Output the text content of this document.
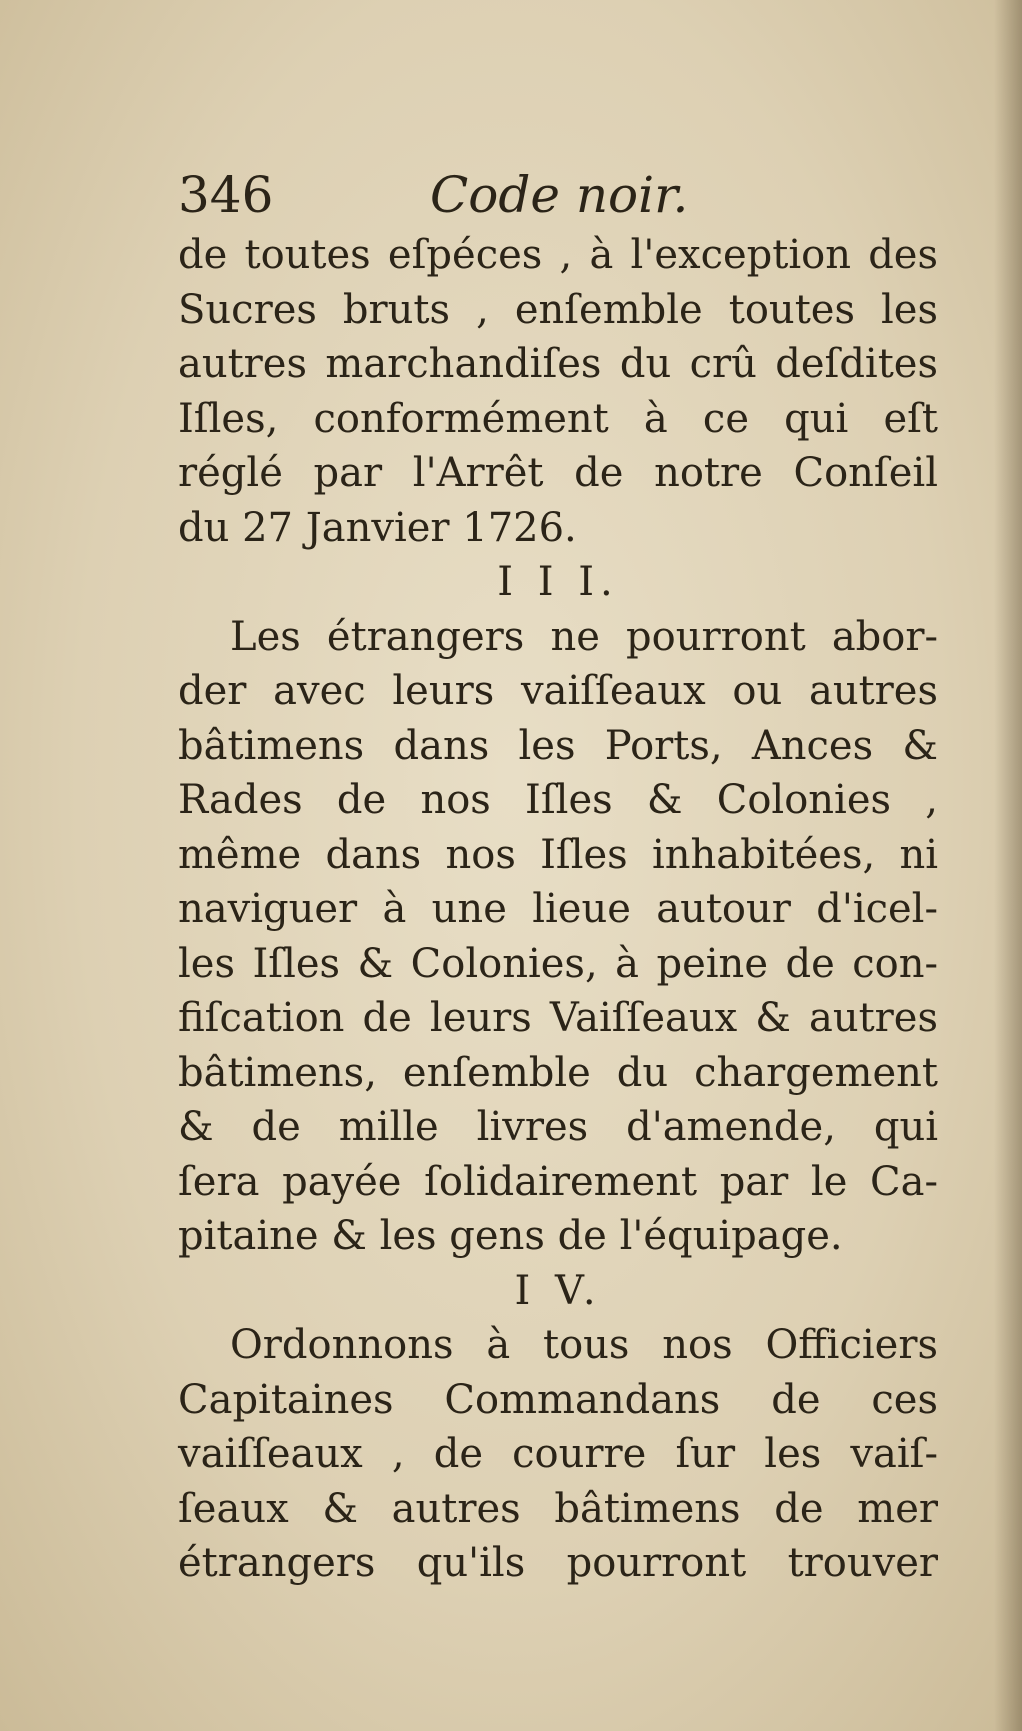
346	Code noir.

de toutes eſpéces , à l'exception des
Sucres bruts , enſemble toutes les
autres marchandiſes du crû deſdites
Iſles, conformément à ce qui eſt
réglé par l'Arrêt de notre Conſeil
du 27 Janvier 1726.

I I I.

Les étrangers ne pourront abor-
der avec leurs vaiſſeaux ou autres
bâtimens dans les Ports, Ances &
Rades de nos Iſles & Colonies ,
même dans nos Iſles inhabitées, ni
naviguer à une lieue autour d'icel-
les Iſles & Colonies, à peine de con-
fiſcation de leurs Vaiſſeaux & autres
bâtimens, enſemble du chargement
& de mille livres d'amende, qui
ſera payée ſolidairement par le Ca-
pitaine & les gens de l'équipage.

I V.

Ordonnons à tous nos Officiers
Capitaines Commandans de ces
vaiſſeaux , de courre ſur les vaiſ-
ſeaux & autres bâtimens de mer
étrangers qu'ils pourront trouver
